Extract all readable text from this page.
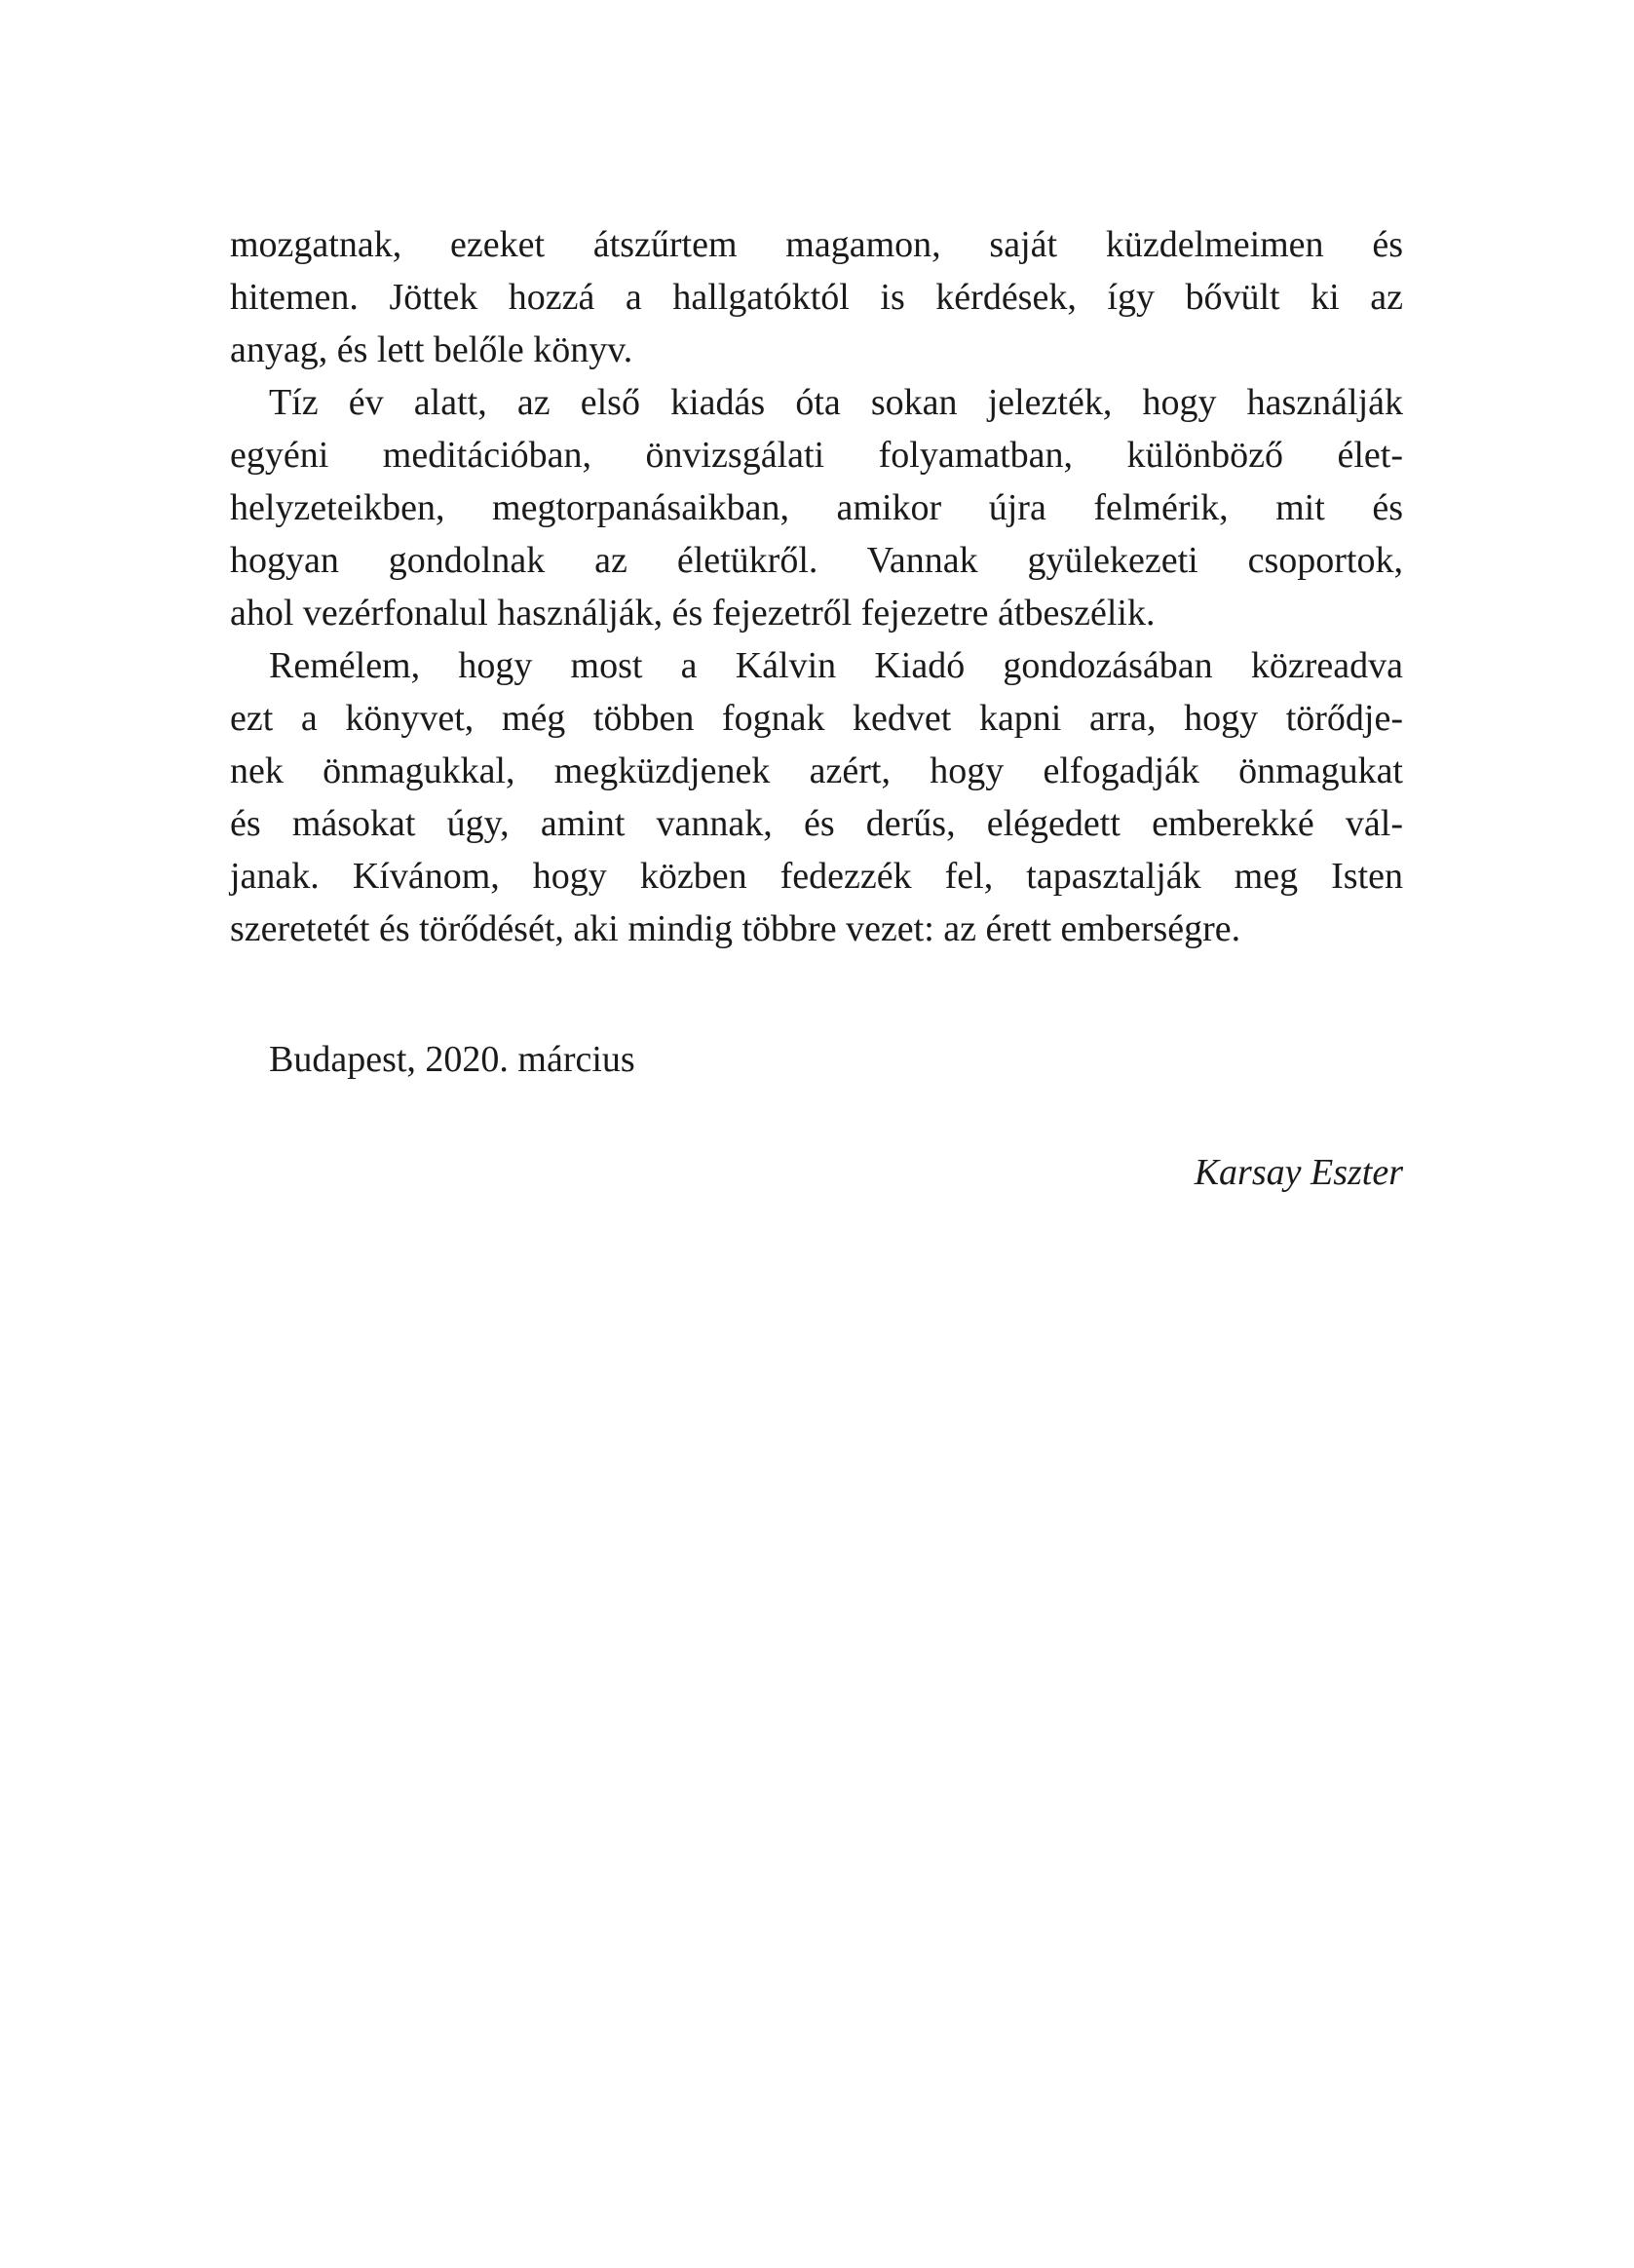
mozgatnak, ezeket átszűrtem magamon, saját küzdelmeimen és
hitemen. Jöttek hozzá a hallgatóktól is kérdések, így bővült ki az
anyag, és lett belőle könyv.
Tíz év alatt, az első kiadás óta sokan jelezték, hogy használják
egyéni meditációban, önvizsgálati folyamatban, különböző élet-
helyzeteikben, megtorpanásaikban, amikor újra felmérik, mit és
hogyan gondolnak az életükről. Vannak gyülekezeti csoportok,
ahol vezérfonalul használják, és fejezetről fejezetre átbeszélik.
Remélem, hogy most a Kálvin Kiadó gondozásában közreadva
ezt a könyvet, még többen fognak kedvet kapni arra, hogy törődje-
nek önmagukkal, megküzdjenek azért, hogy elfogadják önmagukat
és másokat úgy, amint vannak, és derűs, elégedett emberekké vál-
janak. Kívánom, hogy közben fedezzék fel, tapasztalják meg Isten
szeretetét és törődését, aki mindig többre vezet: az érett emberségre.
Budapest, 2020. március
Karsay Eszter
